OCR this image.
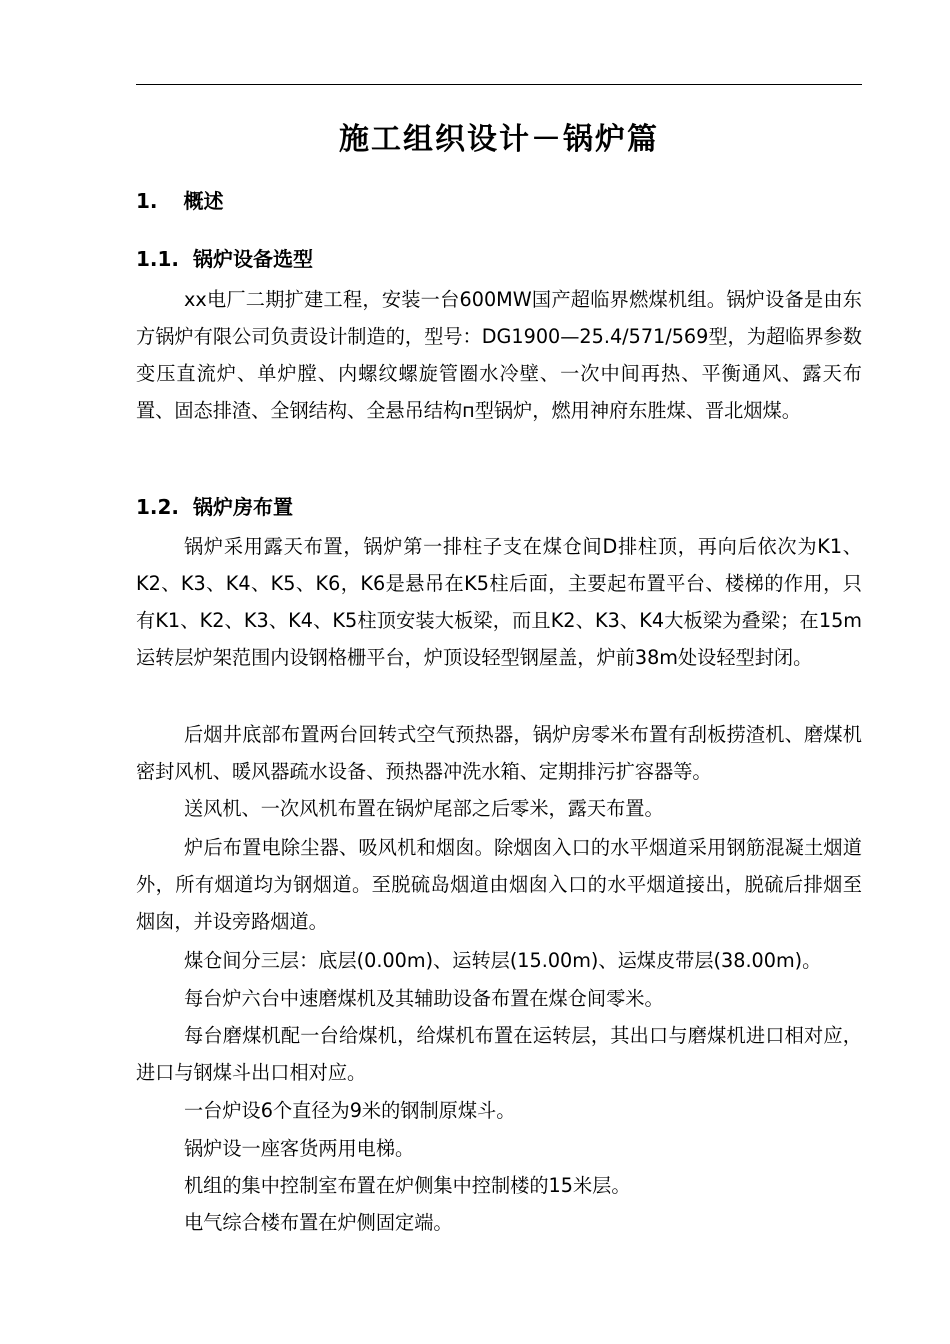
施工组织设计－锅炉篇
1. 概述
1.1. 锅炉设备选型

xx电厂二期扩建工程，安装一台600MW国产超临界燃煤机组。锅炉设备是由东方锅炉有限公司负责设计制造的，型号：DG1900—25.4/571/569型，为超临界参数变压直流炉、单炉膛、内螺纹螺旋管圈水冷壁、一次中间再热、平衡通风、露天布置、固态排渣、全钢结构、全悬吊结构п型锅炉，燃用神府东胜煤、晋北烟煤。

1.2. 锅炉房布置

锅炉采用露天布置，锅炉第一排柱子支在煤仓间D排柱顶，再向后依次为K1、K2、K3、K4、K5、K6，K6是悬吊在K5柱后面，主要起布置平台、楼梯的作用，只有K1、K2、K3、K4、K5柱顶安装大板梁，而且K2、K3、K4大板梁为叠梁；在15m运转层炉架范围内设钢格栅平台，炉顶设轻型钢屋盖，炉前38m处设轻型封闭。

后烟井底部布置两台回转式空气预热器，锅炉房零米布置有刮板捞渣机、磨煤机密封风机、暖风器疏水设备、预热器冲洗水箱、定期排污扩容器等。

送风机、一次风机布置在锅炉尾部之后零米，露天布置。

炉后布置电除尘器、吸风机和烟囱。除烟囱入口的水平烟道采用钢筋混凝土烟道外，所有烟道均为钢烟道。至脱硫岛烟道由烟囱入口的水平烟道接出，脱硫后排烟至烟囱，并设旁路烟道。

煤仓间分三层：底层(0.00m)、运转层(15.00m)、运煤皮带层(38.00m)。

每台炉六台中速磨煤机及其辅助设备布置在煤仓间零米。

每台磨煤机配一台给煤机，给煤机布置在运转层，其出口与磨煤机进口相对应，进口与钢煤斗出口相对应。

一台炉设6个直径为9米的钢制原煤斗。

锅炉设一座客货两用电梯。

机组的集中控制室布置在炉侧集中控制楼的15米层。

电气综合楼布置在炉侧固定端。
